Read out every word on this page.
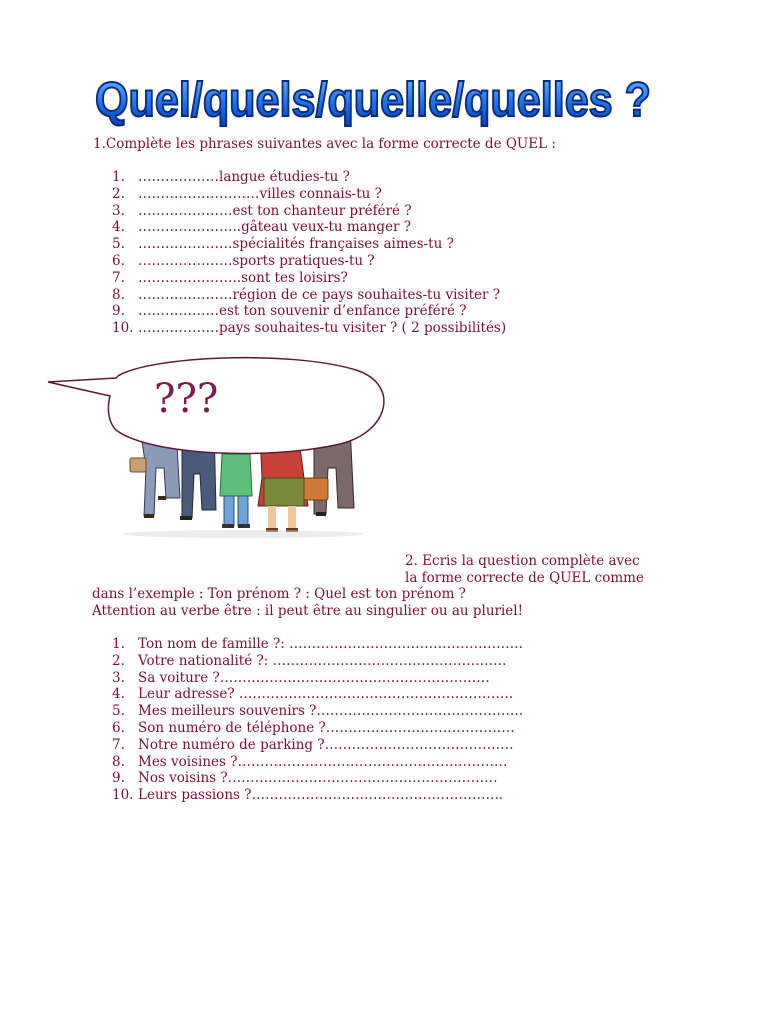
Quel/quels/quelle/quelles ?
1.Complète les phrases suivantes avec la forme correcte de QUEL :
1. ………………langue étudies-tu ?
2. ………………………villes connais-tu ?
3. …………………est ton chanteur préféré ?
4. …………………..gâteau veux-tu manger ?
5. …………………spécialités françaises aimes-tu ?
6. …………………sports pratiques-tu ?
7. …………………..sont tes loisirs?
8. …………………région de ce pays souhaites-tu visiter ?
9. ………………est ton souvenir d’enfance préféré ?
10. ………………pays souhaites-tu visiter ? ( 2 possibilités)
???
2. Ecris la question complète avec
la forme correcte de QUEL comme
dans l’exemple : Ton prénom ? : Quel est ton prénom ?
Attention au verbe être : il peut être au singulier ou au pluriel!
1. Ton nom de famille ?: …………………………………………….
2. Votre nationalité ?: …………………………………………….
3. Sa voiture ?……………………………………………………
4. Leur adresse? …………………………………………………….
5. Mes meilleurs souvenirs ?……………………………………….
6. Son numéro de téléphone ?……………………………………
7. Notre numéro de parking ?……………………………………
8. Mes voisines ?……………………………………………………
9. Nos voisins ?……………………………………………………
10. Leurs passions ?………………………………………………..
